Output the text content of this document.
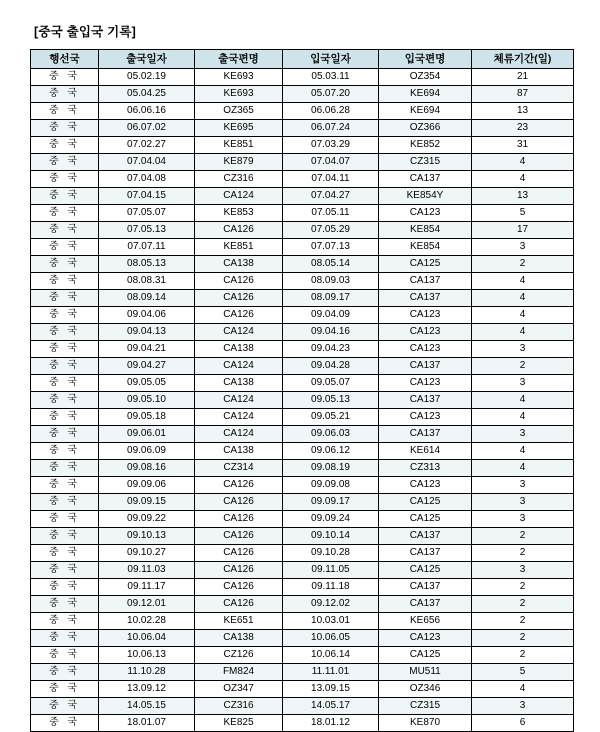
[중국 출입국 기록]
행선국	출국일자	출국편명	입국일자	입국편명	체류기간(일)
중 국	05.02.19	KE693	05.03.11	OZ354	21
중 국	05.04.25	KE693	05.07.20	KE694	87
중 국	06.06.16	OZ365	06.06.28	KE694	13
중 국	06.07.02	KE695	06.07.24	OZ366	23
중 국	07.02.27	KE851	07.03.29	KE852	31
중 국	07.04.04	KE879	07.04.07	CZ315	4
중 국	07.04.08	CZ316	07.04.11	CA137	4
중 국	07.04.15	CA124	07.04.27	KE854Y	13
중 국	07.05.07	KE853	07.05.11	CA123	5
중 국	07.05.13	CA126	07.05.29	KE854	17
중 국	07.07.11	KE851	07.07.13	KE854	3
중 국	08.05.13	CA138	08.05.14	CA125	2
중 국	08.08.31	CA126	08.09.03	CA137	4
중 국	08.09.14	CA126	08.09.17	CA137	4
중 국	09.04.06	CA126	09.04.09	CA123	4
중 국	09.04.13	CA124	09.04.16	CA123	4
중 국	09.04.21	CA138	09.04.23	CA123	3
중 국	09.04.27	CA124	09.04.28	CA137	2
중 국	09.05.05	CA138	09.05.07	CA123	3
중 국	09.05.10	CA124	09.05.13	CA137	4
중 국	09.05.18	CA124	09.05.21	CA123	4
중 국	09.06.01	CA124	09.06.03	CA137	3
중 국	09.06.09	CA138	09.06.12	KE614	4
중 국	09.08.16	CZ314	09.08.19	CZ313	4
중 국	09.09.06	CA126	09.09.08	CA123	3
중 국	09.09.15	CA126	09.09.17	CA125	3
중 국	09.09.22	CA126	09.09.24	CA125	3
중 국	09.10.13	CA126	09.10.14	CA137	2
중 국	09.10.27	CA126	09.10.28	CA137	2
중 국	09.11.03	CA126	09.11.05	CA125	3
중 국	09.11.17	CA126	09.11.18	CA137	2
중 국	09.12.01	CA126	09.12.02	CA137	2
중 국	10.02.28	KE651	10.03.01	KE656	2
중 국	10.06.04	CA138	10.06.05	CA123	2
중 국	10.06.13	CZ126	10.06.14	CA125	2
중 국	11.10.28	FM824	11.11.01	MU511	5
중 국	13.09.12	OZ347	13.09.15	OZ346	4
중 국	14.05.15	CZ316	14.05.17	CZ315	3
중 국	18.01.07	KE825	18.01.12	KE870	6
